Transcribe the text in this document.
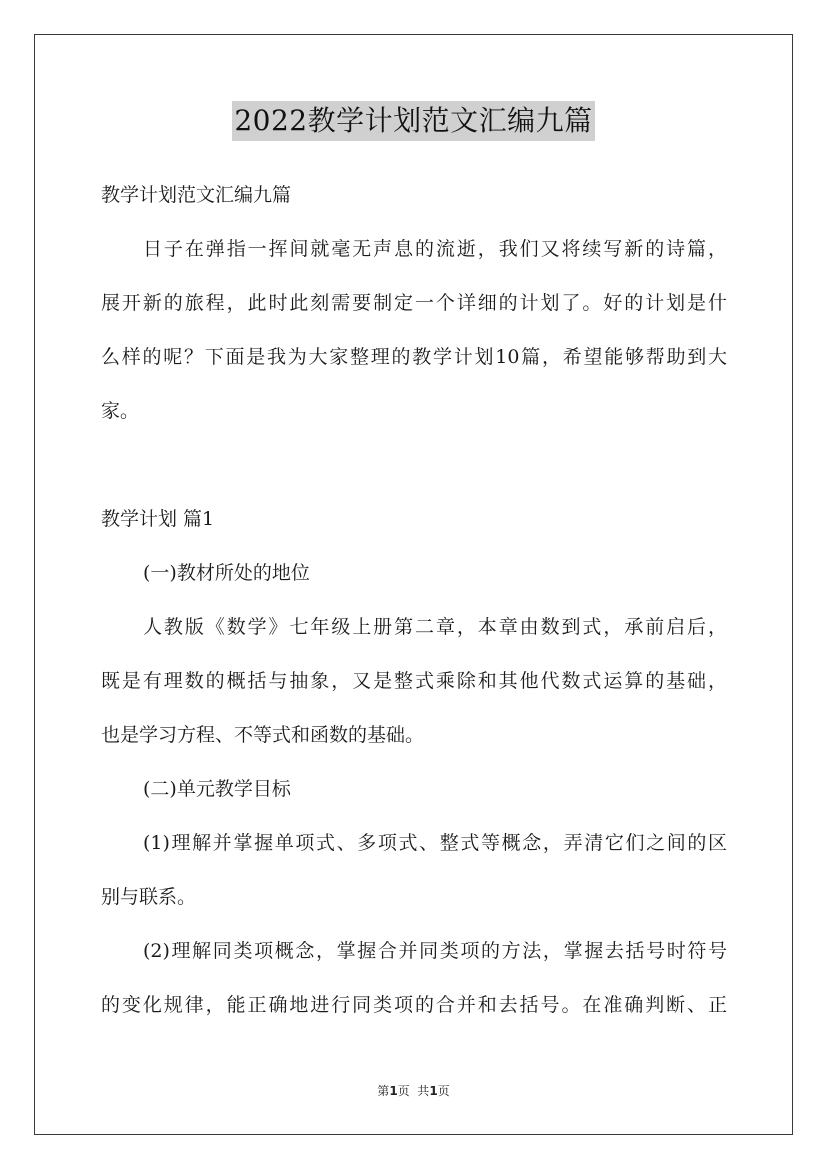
2022教学计划范文汇编九篇
教学计划范文汇编九篇
日子在弹指一挥间就毫无声息的流逝，我们又将续写新的诗篇，
展开新的旅程，此时此刻需要制定一个详细的计划了。好的计划是什
么样的呢？下面是我为大家整理的教学计划10篇，希望能够帮助到大
家。
教学计划 篇1
(一)教材所处的地位
人教版《数学》七年级上册第二章，本章由数到式，承前启后，
既是有理数的概括与抽象，又是整式乘除和其他代数式运算的基础，
也是学习方程、不等式和函数的基础。
(二)单元教学目标
(1)理解并掌握单项式、多项式、整式等概念，弄清它们之间的区
别与联系。
(2)理解同类项概念，掌握合并同类项的方法，掌握去括号时符号
的变化规律，能正确地进行同类项的合并和去括号。在准确判断、正
第1页  共1页
